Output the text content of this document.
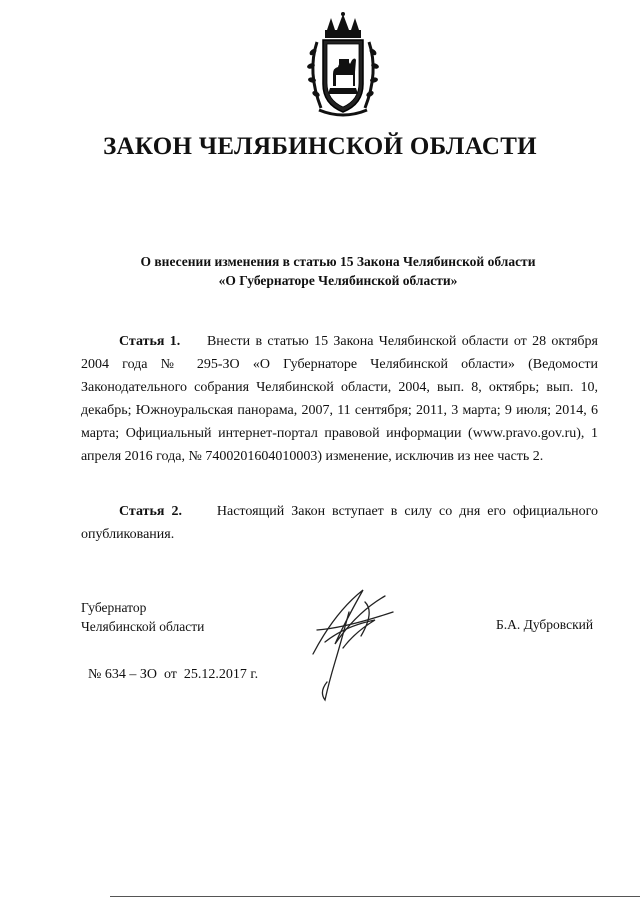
ЗАКОН ЧЕЛЯБИНСКОЙ ОБЛАСТИ
О внесении изменения в статью 15 Закона Челябинской области
«О Губернаторе Челябинской области»
Статья 1. Внести в статью 15 Закона Челябинской области от 28 октября 2004 года № 295-ЗО «О Губернаторе Челябинской области» (Ведомости Законодательного собрания Челябинской области, 2004, вып. 8, октябрь; вып. 10, декабрь; Южноуральская панорама, 2007, 11 сентября; 2011, 3 марта; 9 июля; 2014, 6 марта; Официальный интернет-портал правовой информации (www.pravo.gov.ru), 1 апреля 2016 года, № 7400201604010003) изменение, исключив из нее часть 2.
Статья 2. Настоящий Закон вступает в силу со дня его официального опубликования.
Губернатор
Челябинской области	Б.А. Дубровский
№ 634 – ЗО  от  25.12.2017 г.
